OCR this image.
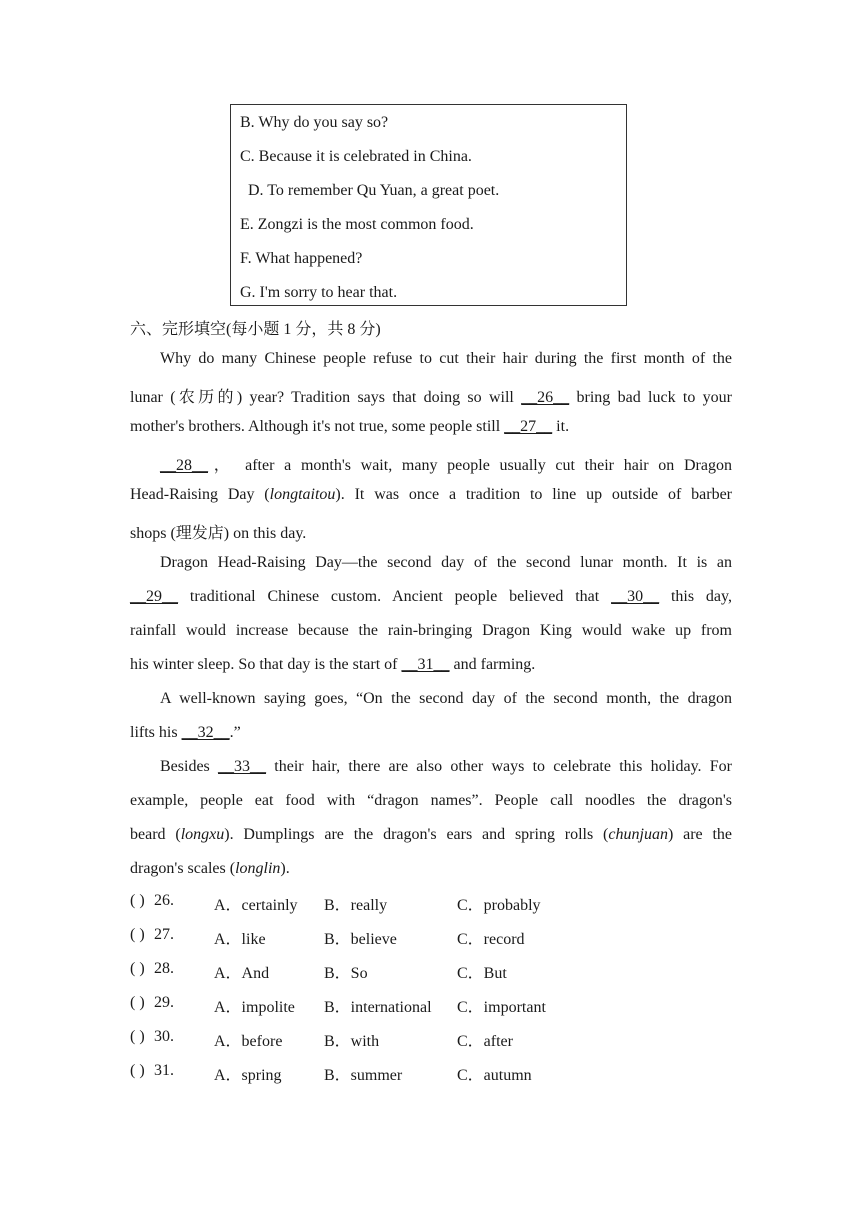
B. Why do you say so?
C. Because it is celebrated in China.
D. To remember Qu Yuan, a great poet.
E. Zongzi is the most common food.
F. What happened?
G. I'm sorry to hear that.
六、完形填空(每小题 1 分，共 8 分)
Why do many Chinese people refuse to cut their hair during the first month of the
lunar (农历的) year? Tradition says that doing so will __26__ bring bad luck to your
mother's brothers. Although it's not true, some people still __27__ it.
__28__， after a month's wait, many people usually cut their hair on Dragon
Head-Raising Day (longtaitou). It was once a tradition to line up outside of barber
shops (理发店) on this day.
Dragon Head-Raising Day—the second day of the second lunar month. It is an
__29__ traditional Chinese custom. Ancient people believed that __30__ this day,
rainfall would increase because the rain-bringing Dragon King would wake up from
his winter sleep. So that day is the start of __31__ and farming.
A well-known saying goes, “On the second day of the second month, the dragon
lifts his __32__.”
Besides __33__ their hair, there are also other ways to celebrate this holiday. For
example, people eat food with “dragon names”. People call noodles the dragon's
beard (longxu). Dumplings are the dragon's ears and spring rolls (chunjuan) are the
dragon's scales (longlin).
( ) 26.	A．certainly B．really	C．probably
( ) 27.	A．like	B．believe	C．record
( ) 28.	A．And	B．So	C．But
( ) 29.	A．impolite B．international C．important
( ) 30.	A．before	B．with	C．after
( ) 31.	A．spring	B．summer	C．autumn
